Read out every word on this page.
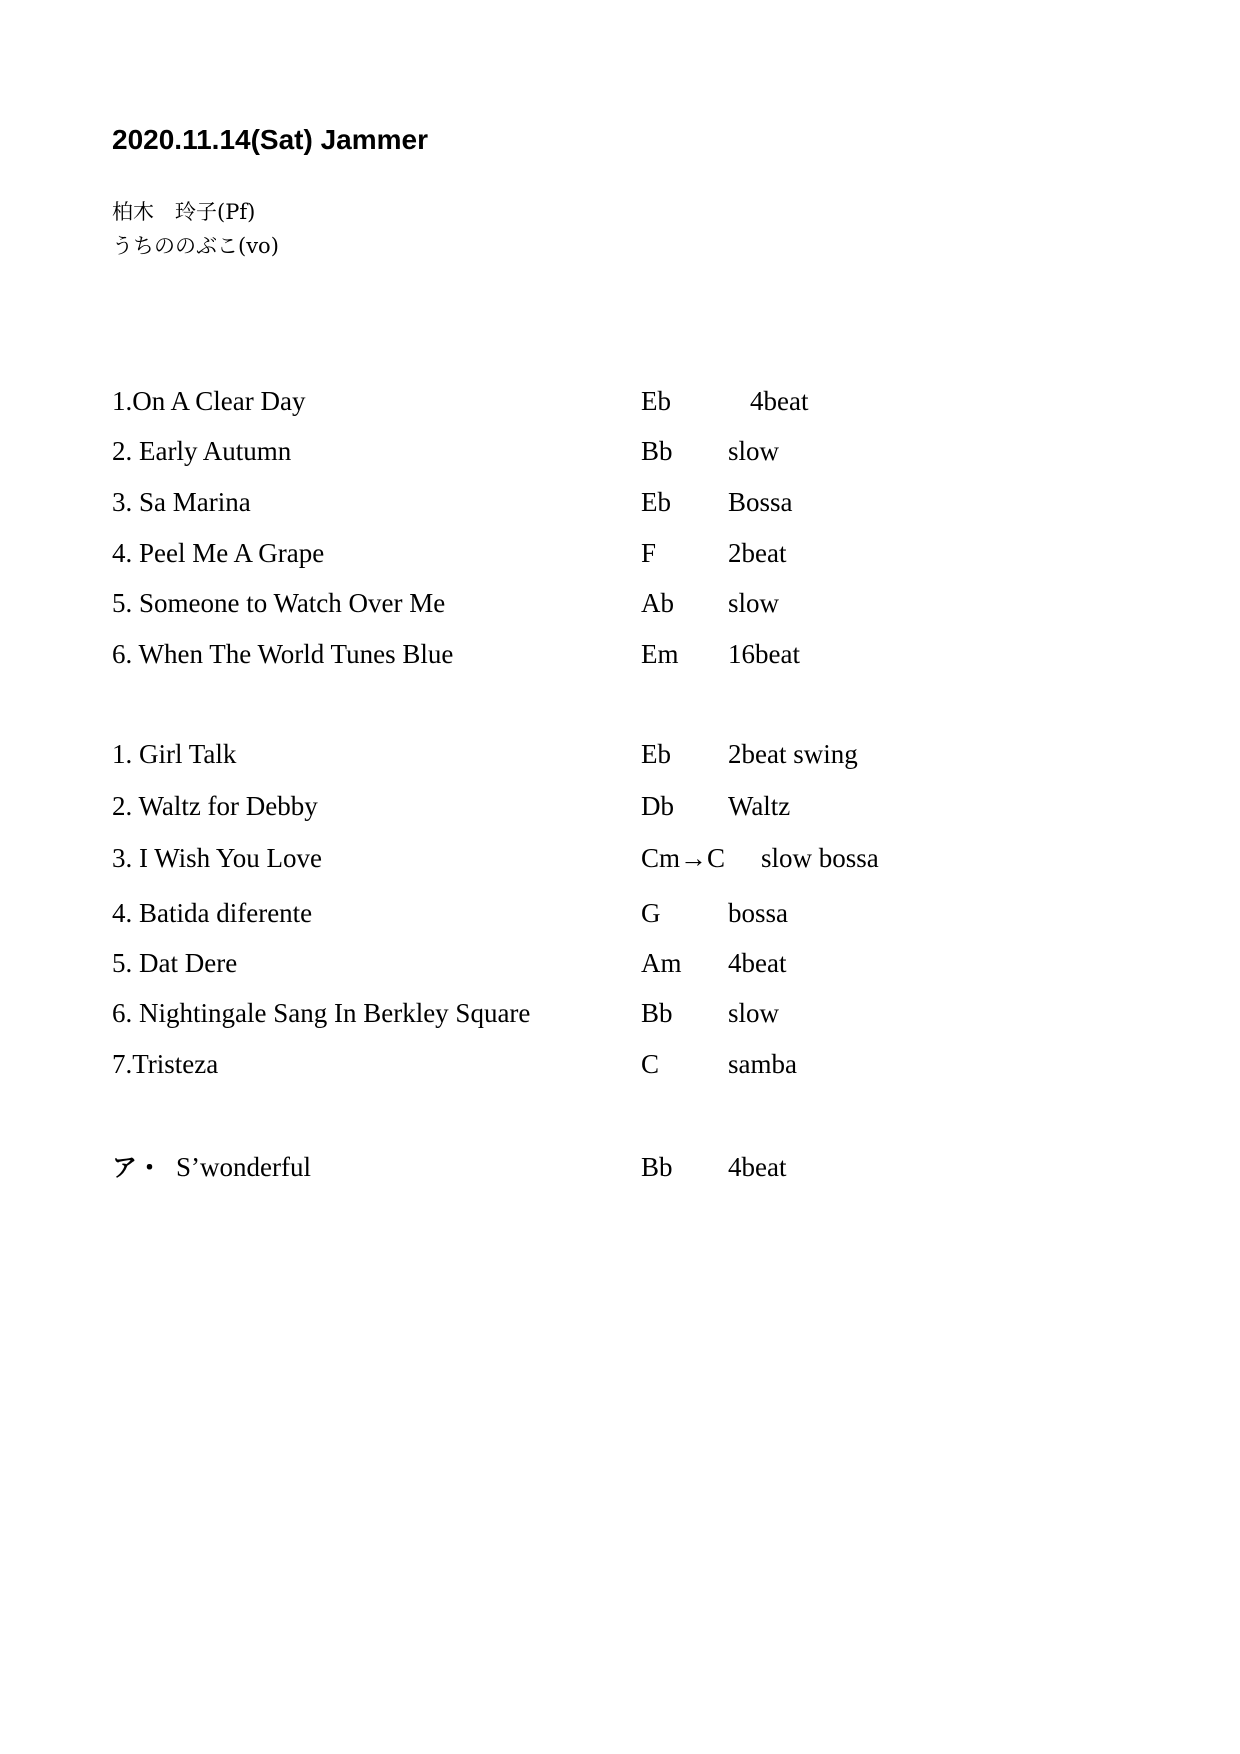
2020.11.14(Sat) Jammer
柏木　玲子(Pf)
うちののぶこ(vo)
1.On A Clear Day	Eb	4beat
2. Early Autumn	Bb slow
3. Sa Marina	Eb Bossa
4. Peel Me A Grape	F	2beat
5. Someone to Watch Over Me	Ab slow
6. When The World Tunes Blue	Em 16beat
1. Girl Talk	Eb 2beat swing
2. Waltz for Debby	Db Waltz
3. I Wish You Love	Cm→C slow bossa
4. Batida diferente	G	bossa
5. Dat Dere	Am 4beat
6. Nightingale Sang In Berkley Square	Bb slow
7.Tristeza	C	samba
ア・ S’wonderful	Bb 4beat
